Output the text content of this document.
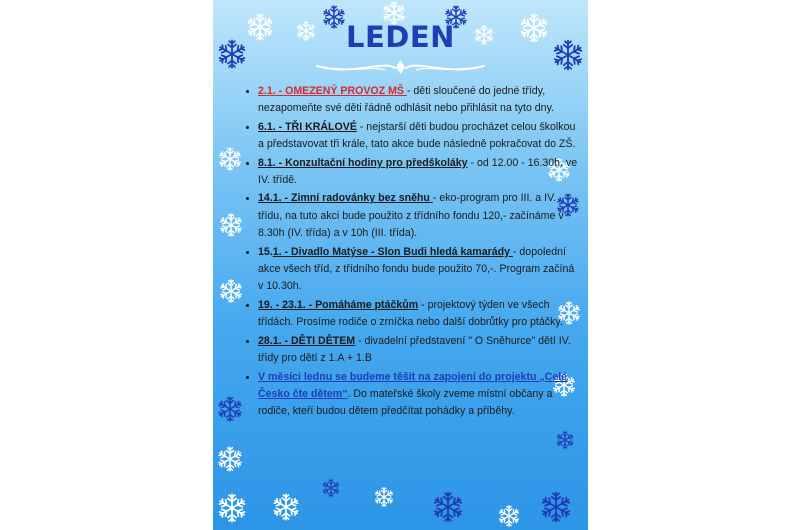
LEDEN
• 2.1. - OMEZENÝ PROVOZ MŠ - děti sloučené do jedné třídy, nezapomeňte své děti řádně odhlásit nebo přihlásit na tyto dny.
• 6.1. - TŘI KRÁLOVÉ - nejstarší děti budou procházet celou školkou a představovat tři krále, tato akce bude následně pokračovat do ZŠ.
• 8.1. - Konzultační hodiny pro předškoláky - od 12.00 - 16.30h. ve IV. třídě.
• 14.1. - Zimní radovánky bez sněhu - eko-program pro III. a IV. třídu, na tuto akci bude použito z třídního fondu 120,- začínáme v 8.30h (IV. třída) a v 10h (III. třída).
• 15.1. - Divadlo Matýse - Slon Budi hledá kamarády - dopolední akce všech tříd, z třídního fondu bude použito 70,-. Program začíná v 10.30h.
• 19. - 23.1. - Pomáháme ptáčkům - projektový týden ve všech třídách. Prosíme rodiče o zrníčka nebo další dobrůtky pro ptáčky.
• 28.1. - DĚTI DĚTEM - divadelní představení " O Sněhurce" dětí IV. třídy pro dětí z 1.A + 1.B
• V měsíci lednu se budeme těšit na zapojení do projektu „Celé Česko čte dětem“. Do mateřské školy zveme místní občany a rodiče, kteří budou dětem předčítat pohádky a příběhy.
